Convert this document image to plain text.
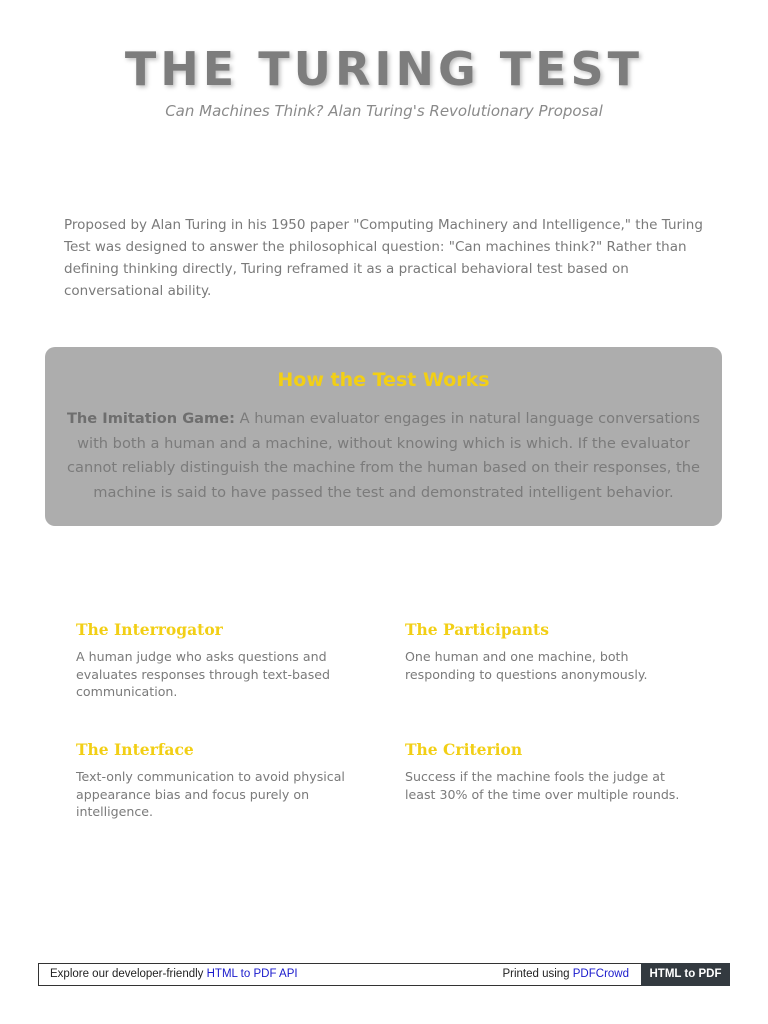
THE TURING TEST
Can Machines Think? Alan Turing's Revolutionary Proposal
Proposed by Alan Turing in his 1950 paper "Computing Machinery and Intelligence," the Turing Test was designed to answer the philosophical question: "Can machines think?" Rather than defining thinking directly, Turing reframed it as a practical behavioral test based on conversational ability.
How the Test Works
The Imitation Game: A human evaluator engages in natural language conversations with both a human and a machine, without knowing which is which. If the evaluator cannot reliably distinguish the machine from the human based on their responses, the machine is said to have passed the test and demonstrated intelligent behavior.
The Interrogator
A human judge who asks questions and evaluates responses through text-based communication.
The Participants
One human and one machine, both responding to questions anonymously.
The Interface
Text-only communication to avoid physical appearance bias and focus purely on intelligence.
The Criterion
Success if the machine fools the judge at least 30% of the time over multiple rounds.
Explore our developer-friendly HTML to PDF API	Printed using PDFCrowd	HTML to PDF
